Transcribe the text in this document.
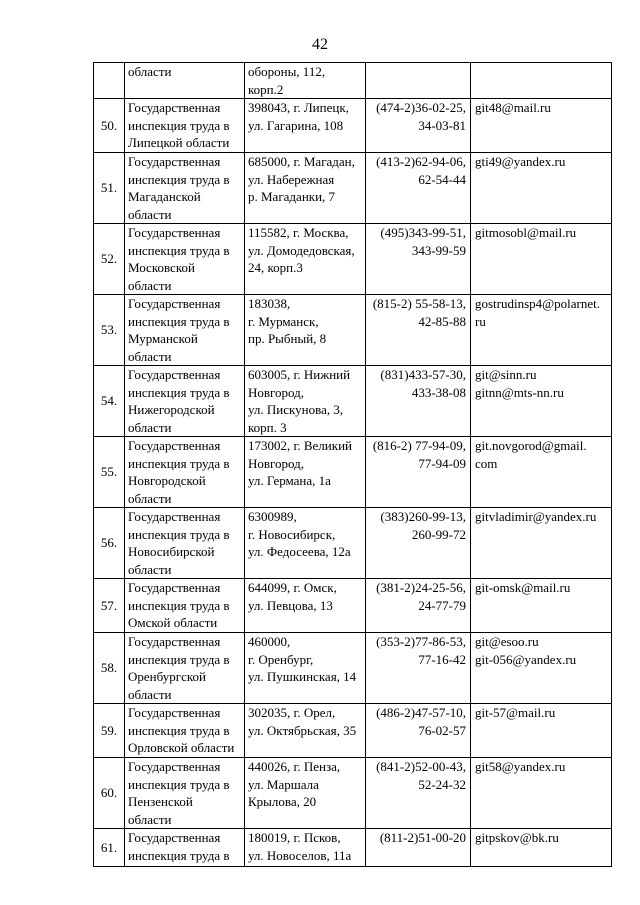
42
	области	обороны, 112,
корп.2		
50.	Государственная
инспекция труда в
Липецкой области	398043, г. Липецк,
ул. Гагарина, 108	(474-2)36-02-25,
34-03-81	git48@mail.ru
51.	Государственная
инспекция труда в
Магаданской
области	685000, г. Магадан,
ул. Набережная
р. Магаданки, 7	(413-2)62-94-06,
62-54-44	gti49@yandex.ru
52.	Государственная
инспекция труда в
Московской
области	115582, г. Москва,
ул. Домодедовская,
24, корп.3	(495)343-99-51,
343-99-59	gitmosobl@mail.ru
53.	Государственная
инспекция труда в
Мурманской
области	183038,
г. Мурманск,
пр. Рыбный, 8	(815-2) 55-58-13,
42-85-88	gostrudinsp4@polarnet.
ru
54.	Государственная
инспекция труда в
Нижегородской
области	603005, г. Нижний
Новгород,
ул. Пискунова, 3,
корп. 3	(831)433-57-30,
433-38-08	git@sinn.ru
gitnn@mts-nn.ru
55.	Государственная
инспекция труда в
Новгородской
области	173002, г. Великий
Новгород,
ул. Германа, 1а	(816-2) 77-94-09,
77-94-09	git.novgorod@gmail.
com
56.	Государственная
инспекция труда в
Новосибирской
области	6300989,
г. Новосибирск,
ул. Федосеева, 12а	(383)260-99-13,
260-99-72	gitvladimir@yandex.ru
57.	Государственная
инспекция труда в
Омской области	644099, г. Омск,
ул. Певцова, 13	(381-2)24-25-56,
24-77-79	git-omsk@mail.ru
58.	Государственная
инспекция труда в
Оренбургской
области	460000,
г. Оренбург,
ул. Пушкинская, 14	(353-2)77-86-53,
77-16-42	git@esoo.ru
git-056@yandex.ru
59.	Государственная
инспекция труда в
Орловской области	302035, г. Орел,
ул. Октябрьская, 35	(486-2)47-57-10,
76-02-57	git-57@mail.ru
60.	Государственная
инспекция труда в
Пензенской
области	440026, г. Пенза,
ул. Маршала
Крылова, 20	(841-2)52-00-43,
52-24-32	git58@yandex.ru
61.	Государственная
инспекция труда в	180019, г. Псков,
ул. Новоселов, 11а	(811-2)51-00-20	gitpskov@bk.ru
